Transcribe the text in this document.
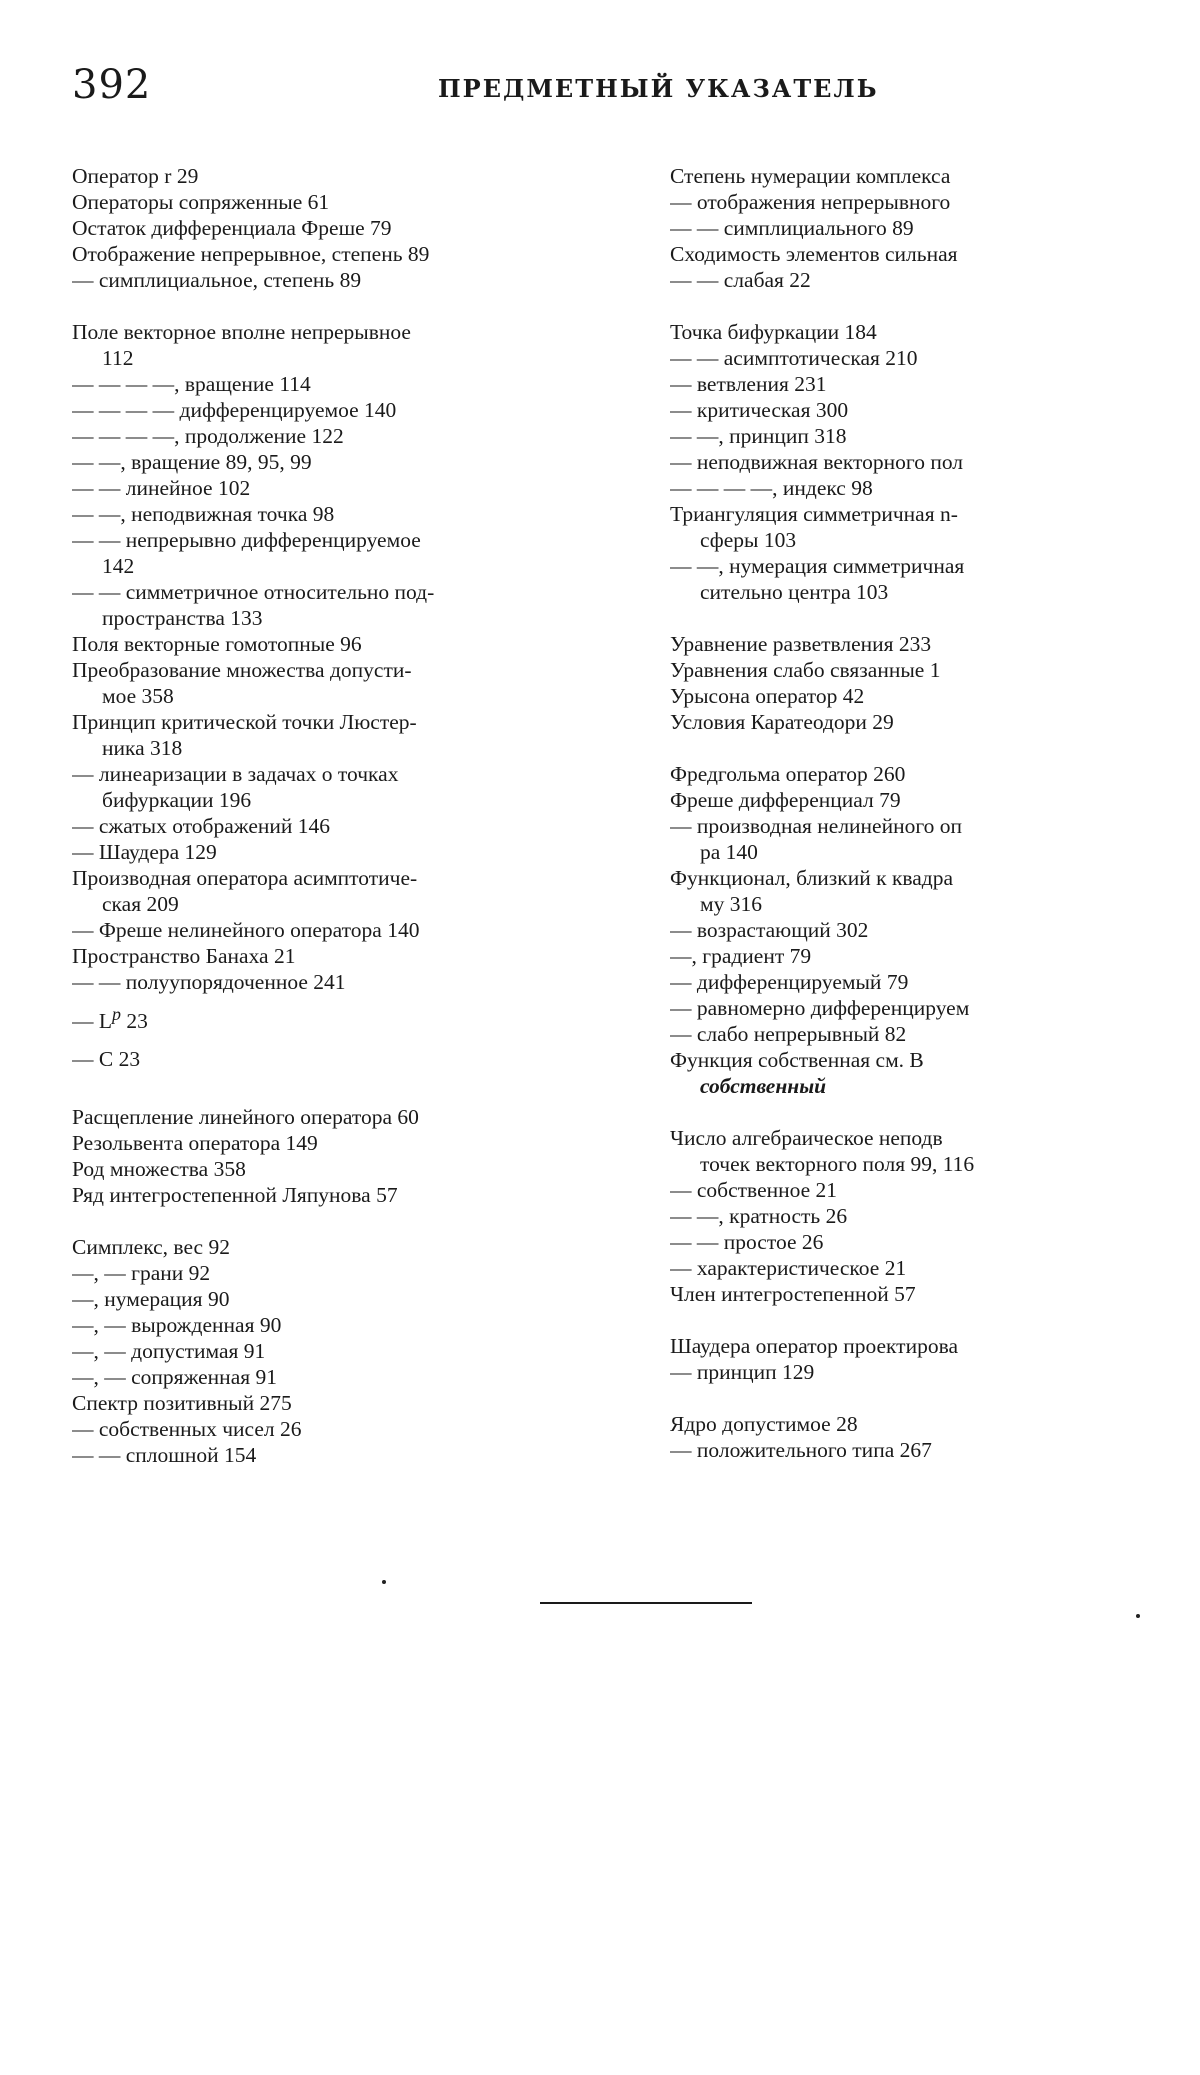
392	ПРЕДМЕТНЫЙ УКАЗАТЕЛЬ
Оператор r 29
Операторы сопряженные 61
Остаток дифференциала Фреше 79
Отображение непрерывное, степень 89
— симплициальное, степень 89
Поле векторное вполне непрерывное
112
— — — —, вращение 114
— — — — дифференцируемое 140
— — — —, продолжение 122
— —, вращение 89, 95, 99
— — линейное 102
— —, неподвижная точка 98
— — непрерывно дифференцируемое
142
— — симметричное относительно под-
пространства 133
Поля векторные гомотопные 96
Преобразование множества допусти-
мое 358
Принцип критической точки Люстер-
ника 318
— линеаризации в задачах о точках
бифуркации 196
— сжатых отображений 146
— Шаудера 129
Производная оператора асимптотиче-
ская 209
— Фреше нелинейного оператора 140
Пространство Банаха 21
— — полуупорядоченное 241
— $L^p$ 23
— C 23
Расщепление линейного оператора 60
Резольвента оператора 149
Род множества 358
Ряд интегростепенной Ляпунова 57
Симплекс, вес 92
—, — грани 92
—, нумерация 90
—, — вырожденная 90
—, — допустимая 91
—, — сопряженная 91
Спектр позитивный 275
— собственных чисел 26
— — сплошной 154
Степень нумерации комплекса
— отображения непрерывного
— — симплициального 89
Сходимость элементов сильная
— — слабая 22
Точка бифуркации 184
— — асимптотическая 210
— ветвления 231
— критическая 300
— —, принцип 318
— неподвижная векторного пол
— — — —, индекс 98
Триангуляция симметричная n-
сферы 103
— —, нумерация симметричная
сительно центра 103
Уравнение разветвления 233
Уравнения слабо связанные 1
Урысона оператор 42
Условия Каратеодори 29
Фредгольма оператор 260
Фреше дифференциал 79
— производная нелинейного оп
ра 140
Функционал, близкий к квадра
му 316
— возрастающий 302
—, градиент 79
— дифференцируемый 79
— равномерно дифференцируем
— слабо непрерывный 82
Функция собственная см. В
собственный
Число алгебраическое неподв
точек векторного поля 99, 116
— собственное 21
— —, кратность 26
— — простое 26
— характеристическое 21
Член интегростепенной 57
Шаудера оператор проектирова
— принцип 129
Ядро допустимое 28
— положительного типа 267
